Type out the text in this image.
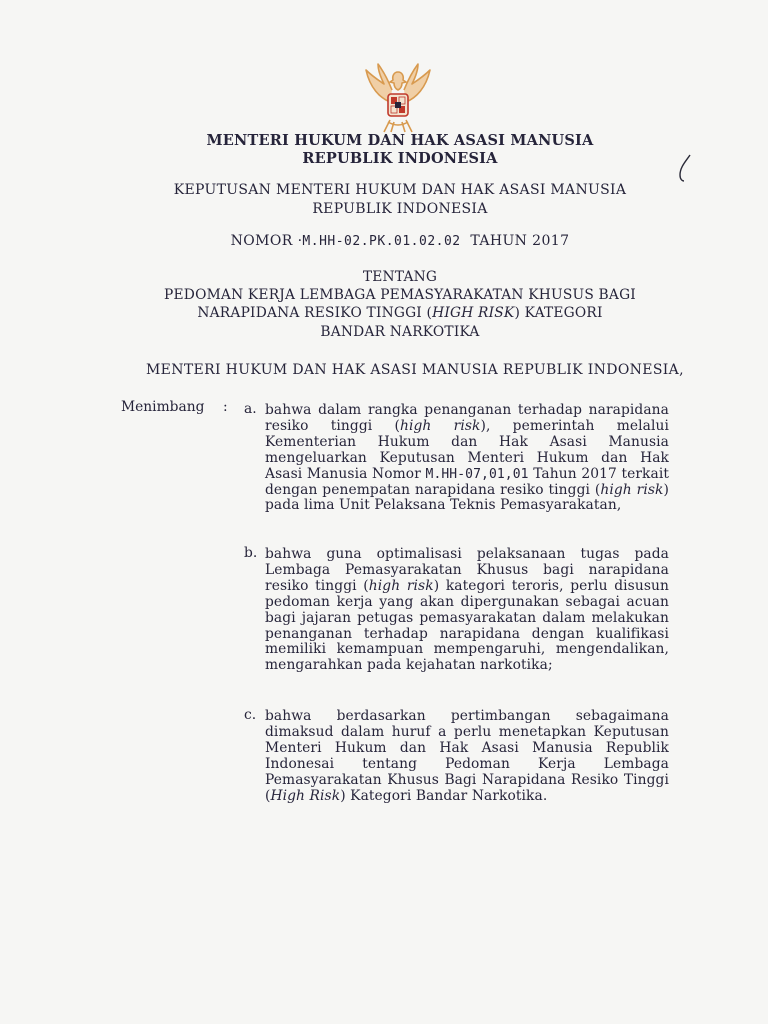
MENTERI HUKUM DAN HAK ASASI MANUSIA
REPUBLIK INDONESIA
KEPUTUSAN MENTERI HUKUM DAN HAK ASASI MANUSIA
REPUBLIK INDONESIA
NOMOR ·M.HH-02.PK.01.02.02 TAHUN 2017
TENTANG
PEDOMAN KERJA LEMBAGA PEMASYARAKATAN KHUSUS BAGI
NARAPIDANA RESIKO TINGGI (HIGH RISK) KATEGORI
BANDAR NARKOTIKA
MENTERI HUKUM DAN HAK ASASI MANUSIA REPUBLIK INDONESIA,
Menimbang : a. bahwa dalam rangka penanganan terhadap narapidana resiko tinggi (high risk), pemerintah melalui Kementerian Hukum dan Hak Asasi Manusia mengeluarkan Keputusan Menteri Hukum dan Hak Asasi Manusia Nomor M.HH-07,01,01 Tahun 2017 terkait dengan penempatan narapidana resiko tinggi (high risk) pada lima Unit Pelaksana Teknis Pemasyarakatan,
b. bahwa guna optimalisasi pelaksanaan tugas pada Lembaga Pemasyarakatan Khusus bagi narapidana resiko tinggi (high risk) kategori teroris, perlu disusun pedoman kerja yang akan dipergunakan sebagai acuan bagi jajaran petugas pemasyarakatan dalam melakukan penanganan terhadap narapidana dengan kualifikasi memiliki kemampuan mempengaruhi, mengendalikan, mengarahkan pada kejahatan narkotika;
c. bahwa berdasarkan pertimbangan sebagaimana dimaksud dalam huruf a perlu menetapkan Keputusan Menteri Hukum dan Hak Asasi Manusia Republik Indonesai tentang Pedoman Kerja Lembaga Pemasyarakatan Khusus Bagi Narapidana Resiko Tinggi (High Risk) Kategori Bandar Narkotika.
